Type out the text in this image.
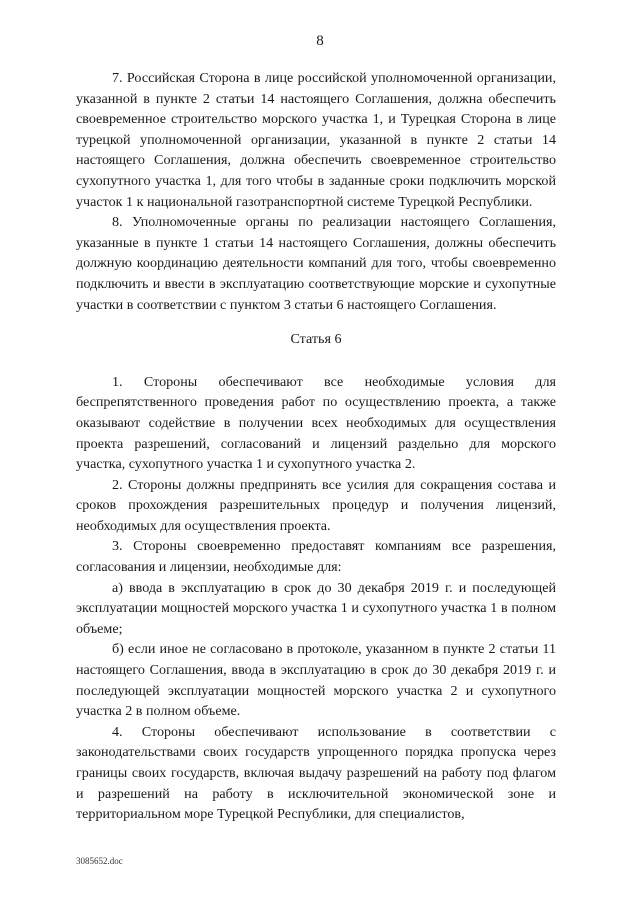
8

7. Российская Сторона в лице российской уполномоченной организации, указанной в пункте 2 статьи 14 настоящего Соглашения, должна обеспечить своевременное строительство морского участка 1, и Турецкая Сторона в лице турецкой уполномоченной организации, указанной в пункте 2 статьи 14 настоящего Соглашения, должна обеспечить своевременное строительство сухопутного участка 1, для того чтобы в заданные сроки подключить морской участок 1 к национальной газотранспортной системе Турецкой Республики.

8. Уполномоченные органы по реализации настоящего Соглашения, указанные в пункте 1 статьи 14 настоящего Соглашения, должны обеспечить должную координацию деятельности компаний для того, чтобы своевременно подключить и ввести в эксплуатацию соответствующие морские и сухопутные участки в соответствии с пунктом 3 статьи 6 настоящего Соглашения.

Статья 6

1. Стороны обеспечивают все необходимые условия для беспрепятственного проведения работ по осуществлению проекта, а также оказывают содействие в получении всех необходимых для осуществления проекта разрешений, согласований и лицензий раздельно для морского участка, сухопутного участка 1 и сухопутного участка 2.

2. Стороны должны предпринять все усилия для сокращения состава и сроков прохождения разрешительных процедур и получения лицензий, необходимых для осуществления проекта.

3. Стороны своевременно предоставят компаниям все разрешения, согласования и лицензии, необходимые для:

а) ввода в эксплуатацию в срок до 30 декабря 2019 г. и последующей эксплуатации мощностей морского участка 1 и сухопутного участка 1 в полном объеме;

б) если иное не согласовано в протоколе, указанном в пункте 2 статьи 11 настоящего Соглашения, ввода в эксплуатацию в срок до 30 декабря 2019 г. и последующей эксплуатации мощностей морского участка 2 и сухопутного участка 2 в полном объеме.

4. Стороны обеспечивают использование в соответствии с законодательствами своих государств упрощенного порядка пропуска через границы своих государств, включая выдачу разрешений на работу под флагом и разрешений на работу в исключительной экономической зоне и территориальном море Турецкой Республики, для специалистов,

3085652.doc
